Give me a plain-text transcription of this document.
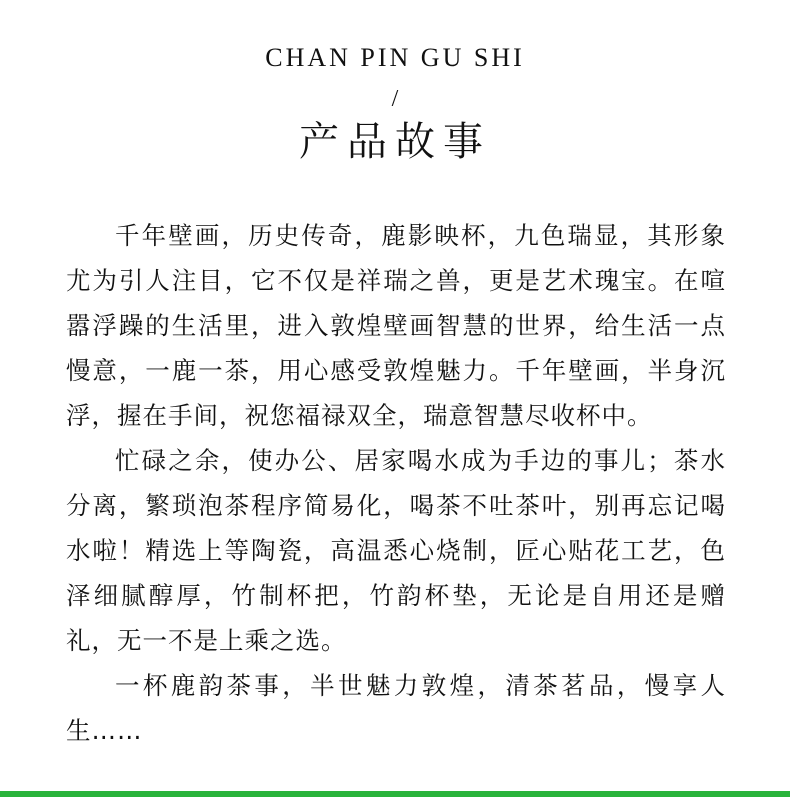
CHAN PIN GU SHI
/
产品故事

千年壁画，历史传奇，鹿影映杯，九色瑞显，其形象尤为引人注目，它不仅是祥瑞之兽，更是艺术瑰宝。在喧嚣浮躁的生活里，进入敦煌壁画智慧的世界，给生活一点慢意，一鹿一茶，用心感受敦煌魅力。千年壁画，半身沉浮，握在手间，祝您福禄双全，瑞意智慧尽收杯中。

忙碌之余，使办公、居家喝水成为手边的事儿；茶水分离，繁琐泡茶程序简易化，喝茶不吐茶叶，别再忘记喝水啦！精选上等陶瓷，高温悉心烧制，匠心贴花工艺，色泽细腻醇厚，竹制杯把，竹韵杯垫，无论是自用还是赠礼，无一不是上乘之选。

一杯鹿韵茶事，半世魅力敦煌，清茶茗品，慢享人生……
